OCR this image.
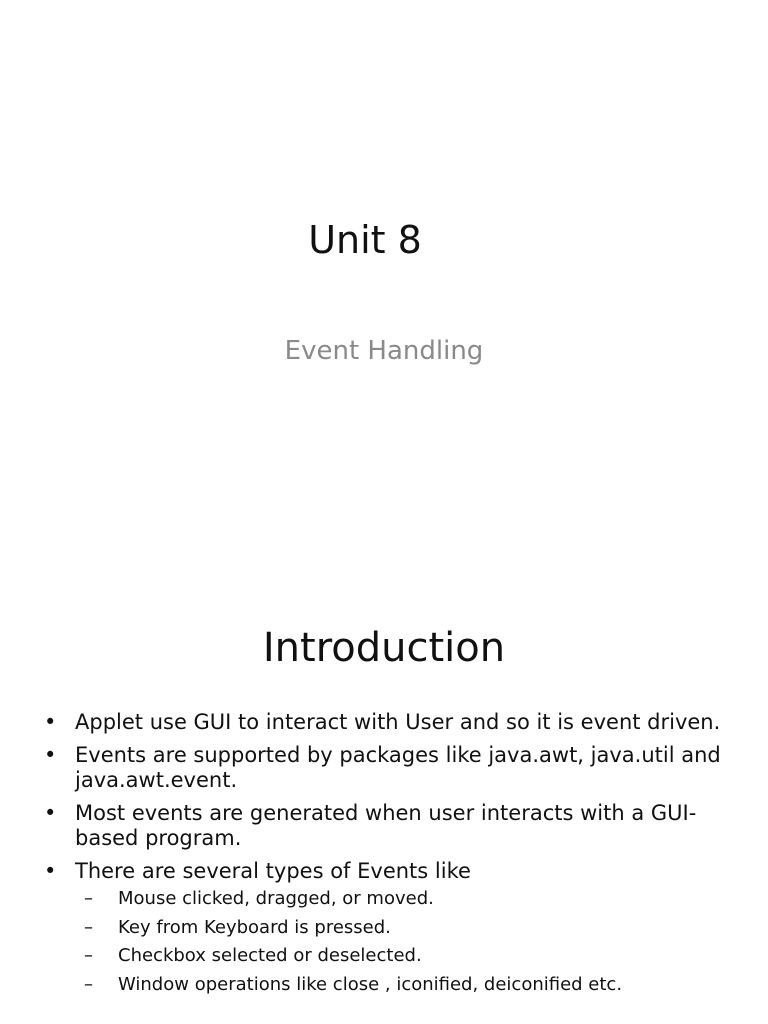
Unit 8
Event Handling
Introduction
• Applet use GUI to interact with User and so it is event driven.
• Events are supported by packages like java.awt, java.util and java.awt.event.
• Most events are generated when user interacts with a GUI-based program.
• There are several types of Events like
–	Mouse clicked, dragged, or moved.
–	Key from Keyboard is pressed.
–	Checkbox selected or deselected.
–	Window operations like close , iconified, deiconified etc.
